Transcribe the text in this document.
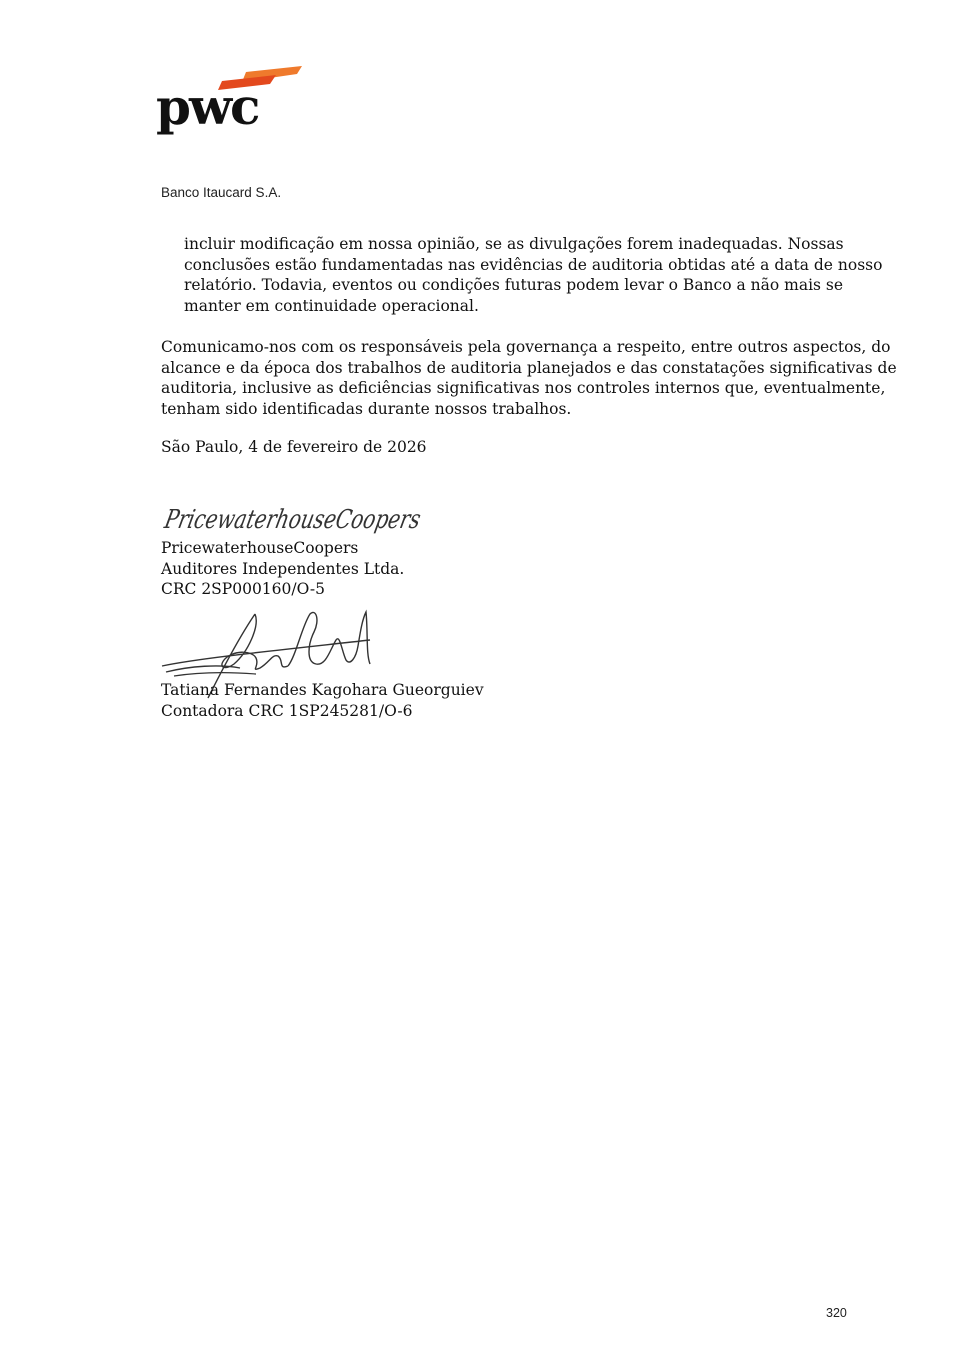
pwc
Banco Itaucard S.A.

incluir modificação em nossa opinião, se as divulgações forem inadequadas. Nossas conclusões estão fundamentadas nas evidências de auditoria obtidas até a data de nosso relatório. Todavia, eventos ou condições futuras podem levar o Banco a não mais se manter em continuidade operacional.

Comunicamo-nos com os responsáveis pela governança a respeito, entre outros aspectos, do alcance e da época dos trabalhos de auditoria planejados e das constatações significativas de auditoria, inclusive as deficiências significativas nos controles internos que, eventualmente, tenham sido identificadas durante nossos trabalhos.

São Paulo, 4 de fevereiro de 2026

PricewaterhouseCoopers
PricewaterhouseCoopers
Auditores Independentes Ltda.
CRC 2SP000160/O-5
Tatiana Fernandes Kagohara Gueorguiev
Contadora CRC 1SP245281/O-6
320
